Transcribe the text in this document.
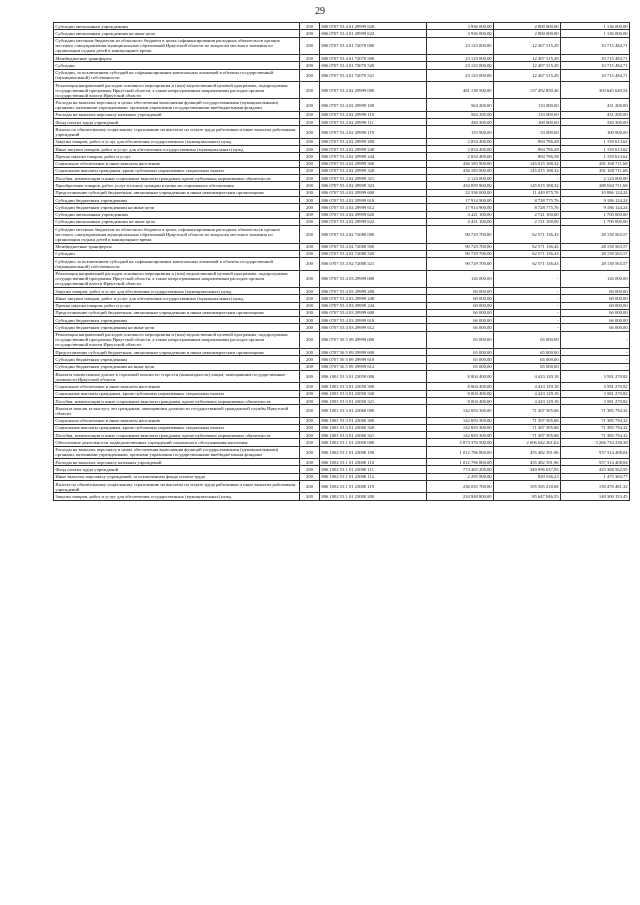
29
Субсидии автономным учреждениям	200	806 0707 53 4 01 29999 620	3 936 000,00	2 800 000,00	1 136 000,00
Субсидии автономным учреждениям на иные цели	200	806 0707 53 4 01 29999 622	3 936 000,00	2 800 000,00	1 136 000,00
Субсидии местным бюджетам из областного бюджета в целях софинансирования расходных обязательств органов местного самоуправления муниципальных образований Иркутской области по вопросам местного значения по организации отдыха детей в каникулярное время	200	806 0707 53 4 01 72070 000	23 123 000,00	12 407 515,29	10 715 484,71
Межбюджетные трансферты	200	806 0707 53 4 01 72070 500	23 123 000,00	12 407 515,29	10 715 484,71
Субсидии	200	806 0707 53 4 01 72070 520	23 123 000,00	12 407 515,29	10 715 484,71
Субсидии, за исключением субсидий на софинансирование капитальных вложений в объекты государственной (муниципальной) собственности	200	806 0707 53 4 01 72070 521	23 123 000,00	12 407 515,29	10 715 484,71
Реализация направлений расходов основного мероприятия и (или) ведомственной целевой программы, подпрограммы государственной программы Иркутской области, а также непрограммным направлениям расходов органов государственной власти Иркутской области	200	806 0707 53 4 02 29999 000	461 138 500,00	157 492 850,46	303 645 649,54
Расходы на выплаты персоналу в целях обеспечения выполнения функций государственными (муниципальными) органами, казенными учреждениями, органами управления государственными внебюджетными фондами	200	806 0707 53 4 02 29999 100	564 200,00	133 000,00	431 200,00
Расходы на выплаты персоналу казенных учреждений	200	806 0707 53 4 02 29999 110	564 200,00	133 000,00	431 200,00
Фонд оплаты труда учреждений	200	806 0707 53 4 02 29999 111	430 300,00	100 000,00	330 300,00
Взносы по обязательному социальному страхованию на выплаты по оплате труда работников и иные выплаты работникам учреждений	200	806 0707 53 4 02 29999 119	133 900,00	33 000,00	100 900,00
Закупка товаров, работ и услуг для обеспечения государственных (муниципальных) нужд	200	806 0707 53 4 02 29999 200	2 054 400,00	894 786,38	1 159 613,62
Иные закупки товаров, работ и услуг для обеспечения государственных (муниципальных) нужд	200	806 0707 53 4 02 29999 240	2 054 400,00	894 786,38	1 159 613,62
Прочая закупка товаров, работ и услуг	200	806 0707 53 4 02 29999 244	2 054 400,00	894 786,38	1 159 613,62
Социальное обеспечение и иные выплаты населению	200	806 0707 53 4 02 29999 300	436 183 900,00	145 015 188,32	291 168 711,68
Социальные выплаты гражданам, кроме публичных нормативных социальных выплат	200	806 0707 53 4 02 29999 320	436 183 900,00	145 015 188,32	291 168 711,68
Пособия, компенсации и иные социальные выплаты гражданам, кроме публичных нормативных обязательств	200	806 0707 53 4 02 29999 321	2 124 000,00	-	2 124 000,00
Приобретение товаров, работ, услуг в пользу граждан в целях их социального обеспечения	200	806 0707 53 4 02 29999 323	434 059 900,00	145 015 188,32	289 044 711,68
Предоставление субсидий бюджетным, автономным учреждениям и иным некоммерческим организациям	200	806 0707 53 4 02 29999 600	22 336 000,00	11 449 875,76	10 886 124,24
Субсидии бюджетным учреждениям	200	806 0707 53 4 02 29999 610	17 914 900,00	8 728 775,76	9 186 124,24
Субсидии бюджетным учреждениям на иные цели	200	806 0707 53 4 02 29999 612	17 914 900,00	8 728 775,76	9 186 124,24
Субсидии автономным учреждениям	200	806 0707 53 4 02 29999 620	4 421 100,00	2 721 100,00	1 700 000,00
Субсидии автономным учреждениям на иные цели	200	806 0707 53 4 02 29999 622	4 421 100,00	2 721 100,00	1 700 000,00
Субсидии местным бюджетам из областного бюджета в целях софинансирования расходных обязательств органов местного самоуправления муниципальных образований Иркутской области по вопросам местного значения по организации отдыха детей в каникулярное время	200	806 0707 53 4 02 72080 000	90 729 700,00	62 571 136,43	28 158 563,57
Межбюджетные трансферты	200	806 0707 53 4 02 72080 500	90 729 700,00	62 571 136,43	28 158 563,57
Субсидии	200	806 0707 53 4 02 72080 520	90 729 700,00	62 571 136,43	28 158 563,57
Субсидии, за исключением субсидий на софинансирование капитальных вложений в объекты государственной (муниципальной) собственности	200	806 0707 53 4 02 72080 521	90 729 700,00	62 571 136,43	28 158 563,57
Реализация направлений расходов основного мероприятия и (или) ведомственной целевой программы, подпрограммы государственной программы Иркутской области, а также непрограммным направлениям расходов органов государственной власти Иркутской области	200	806 0707 53 4 03 29999 000	126 000,00	-	126 000,00
Закупка товаров, работ и услуг для обеспечения государственных (муниципальных) нужд	200	806 0707 53 4 03 29999 200	60 000,00	-	60 000,00
Иные закупки товаров, работ и услуг для обеспечения государственных (муниципальных) нужд	200	806 0707 53 4 03 29999 240	60 000,00	-	60 000,00
Прочая закупка товаров, работ и услуг	200	806 0707 53 4 03 29999 244	60 000,00	-	60 000,00
Предоставление субсидий бюджетным, автономным учреждениям и иным некоммерческим организациям	200	806 0707 53 4 03 29999 600	66 000,00	-	66 000,00
Субсидии бюджетным учреждениям	200	806 0707 53 4 03 29999 610	66 000,00	-	66 000,00
Субсидии бюджетным учреждениям на иные цели	200	806 0707 53 4 03 29999 612	66 000,00	-	66 000,00
Реализация направлений расходов основного мероприятия и (или) ведомственной целевой программы, подпрограммы государственной программы Иркутской области, а также непрограммным направлениям расходов органов государственной власти Иркутской области	200	806 0707 56 5 09 29999 000	65 000,00	65 000,00	-
Предоставление субсидий бюджетным, автономным учреждениям и иным некоммерческим организациям	200	806 0707 56 5 09 29999 600	65 000,00	65 000,00	-
Субсидии бюджетным учреждениям	200	806 0707 56 5 09 29999 610	65 000,00	65 000,00	-
Субсидии бюджетным учреждениям на иные цели	200	806 0707 56 5 09 29999 612	65 000,00	65 000,00	-
Выплата ежемесячных доплат к страховой пенсии по старости (инвалидности) лицам, замещавшим государственные должности Иркутской области	200	806 1001 53 3 01 23050 000	8 004 400,00	4 423 129,18	3 581 270,82
Социальное обеспечение и иные выплаты населению	200	806 1001 53 3 01 23050 300	8 004 400,00	4 423 129,18	3 581 270,82
Социальные выплаты гражданам, кроме публичных нормативных социальных выплат	200	806 1001 53 3 01 23050 320	8 004 400,00	4 423 129,18	3 581 270,82
Пособия, компенсации и иные социальные выплаты гражданам, кроме публичных нормативных обязательств	200	806 1001 53 3 01 23050 321	8 004 400,00	4 423 129,18	3 581 270,82
Выплата пенсии за выслугу лет гражданам, замещавшим должности государственной гражданской службы Иркутской области	200	806 1001 53 3 01 23060 000	142 693 300,00	71 307 505,68	71 385 794,32
Социальное обеспечение и иные выплаты населению	200	806 1001 53 3 01 23060 300	142 693 300,00	71 307 505,68	71 385 794,32
Социальные выплаты гражданам, кроме публичных нормативных социальных выплат	200	806 1001 53 3 01 23060 320	142 693 300,00	71 307 505,68	71 385 794,32
Пособия, компенсации и иные социальные выплаты гражданам, кроме публичных нормативных обязательств	200	806 1001 53 3 01 23060 321	142 693 300,00	71 307 505,68	71 385 794,32
Обеспечение деятельности подведомственных учреждений социального обслуживания населения	200	806 1002 53 1 01 23000 000	5 873 376 500,00	2 606 642 261,62	3 266 734 238,38
Расходы на выплаты персоналу в целях обеспечения выполнения функций государственными (муниципальными) органами, казенными учреждениями, органами управления государственными внебюджетными фондами	200	806 1002 53 1 01 23000 100	1 012 796 800,00	455 482 391,96	557 314 408,04
Расходы на выплаты персоналу казенных учреждений	200	806 1002 53 1 01 23000 110	1 012 796 800,00	455 482 391,96	557 314 408,04
Фонд оплаты труда учреждений	200	806 1002 53 1 01 23000 111	774 465 200,00	349 096 637,05	425 368 562,95
Иные выплаты персоналу учреждений, за исключением фонда оплаты труда	200	806 1002 53 1 01 23000 112	2 295 900,00	820 536,23	1 475 363,77
Взносы по обязательному социальному страхованию на выплаты по оплате труда работников и иные выплаты работникам учреждений	200	806 1002 53 1 01 23000 119	236 035 700,00	105 565 218,68	130 470 481,32
Закупка товаров, работ и услуг для обеспечения государственных (муниципальных) нужд	200	806 1002 53 1 01 23000 200	234 948 800,00	85 647 846,55	149 300 153,45
